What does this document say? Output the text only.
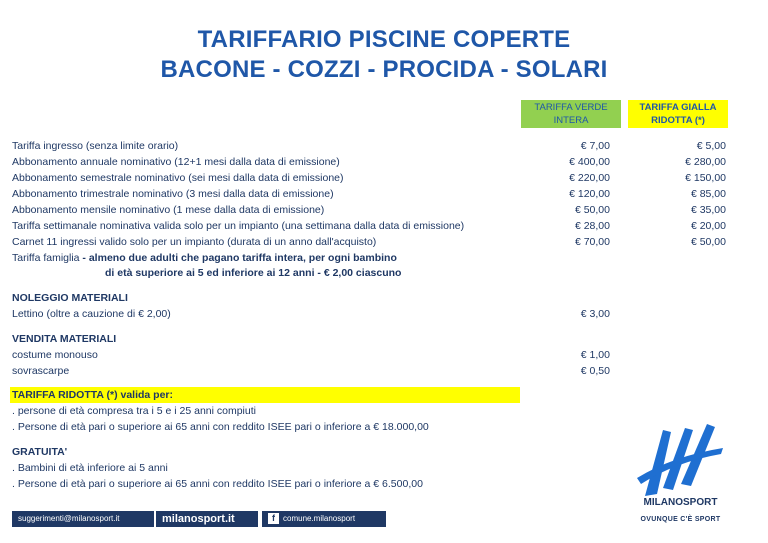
TARIFFARIO PISCINE COPERTE
BACONE - COZZI - PROCIDA - SOLARI
TARIFFA VERDE INTERA
TARIFFA GIALLA RIDOTTA (*)
Tariffa ingresso (senza limite orario)	€ 7,00	€ 5,00
Abbonamento annuale nominativo (12+1 mesi dalla data di emissione)	€ 400,00	€ 280,00
Abbonamento semestrale nominativo (sei mesi dalla data di emissione)	€ 220,00	€ 150,00
Abbonamento trimestrale nominativo (3 mesi dalla data di emissione)	€ 120,00	€ 85,00
Abbonamento mensile nominativo (1 mese dalla data di emissione)	€ 50,00	€ 35,00
Tariffa settimanale nominativa valida solo per un impianto (una settimana dalla data di emissione)	€ 28,00	€ 20,00
Carnet 11 ingressi valido solo per un impianto (durata di un anno dall'acquisto)	€ 70,00	€ 50,00
Tariffa famiglia - almeno due adulti che pagano tariffa intera, per ogni bambino
di età superiore ai 5 ed inferiore ai 12 anni - € 2,00 ciascuno
NOLEGGIO MATERIALI
Lettino (oltre a cauzione di € 2,00)	€ 3,00
VENDITA MATERIALI
costume monouso	€ 1,00
sovrascarpe	€ 0,50
TARIFFA RIDOTTA (*) valida per:
. persone di età compresa tra i 5 e i 25 anni compiuti
. Persone di età pari o superiore ai 65 anni con reddito ISEE pari o inferiore a € 18.000,00
GRATUITA'
. Bambini di età inferiore ai 5 anni
. Persone di età pari o superiore ai 65 anni con reddito ISEE pari o inferiore a € 6.500,00
suggerimenti@milanosport.it	milanosport.it	f comune.milanosport
MILANOSPORT
OVUNQUE C'È SPORT
